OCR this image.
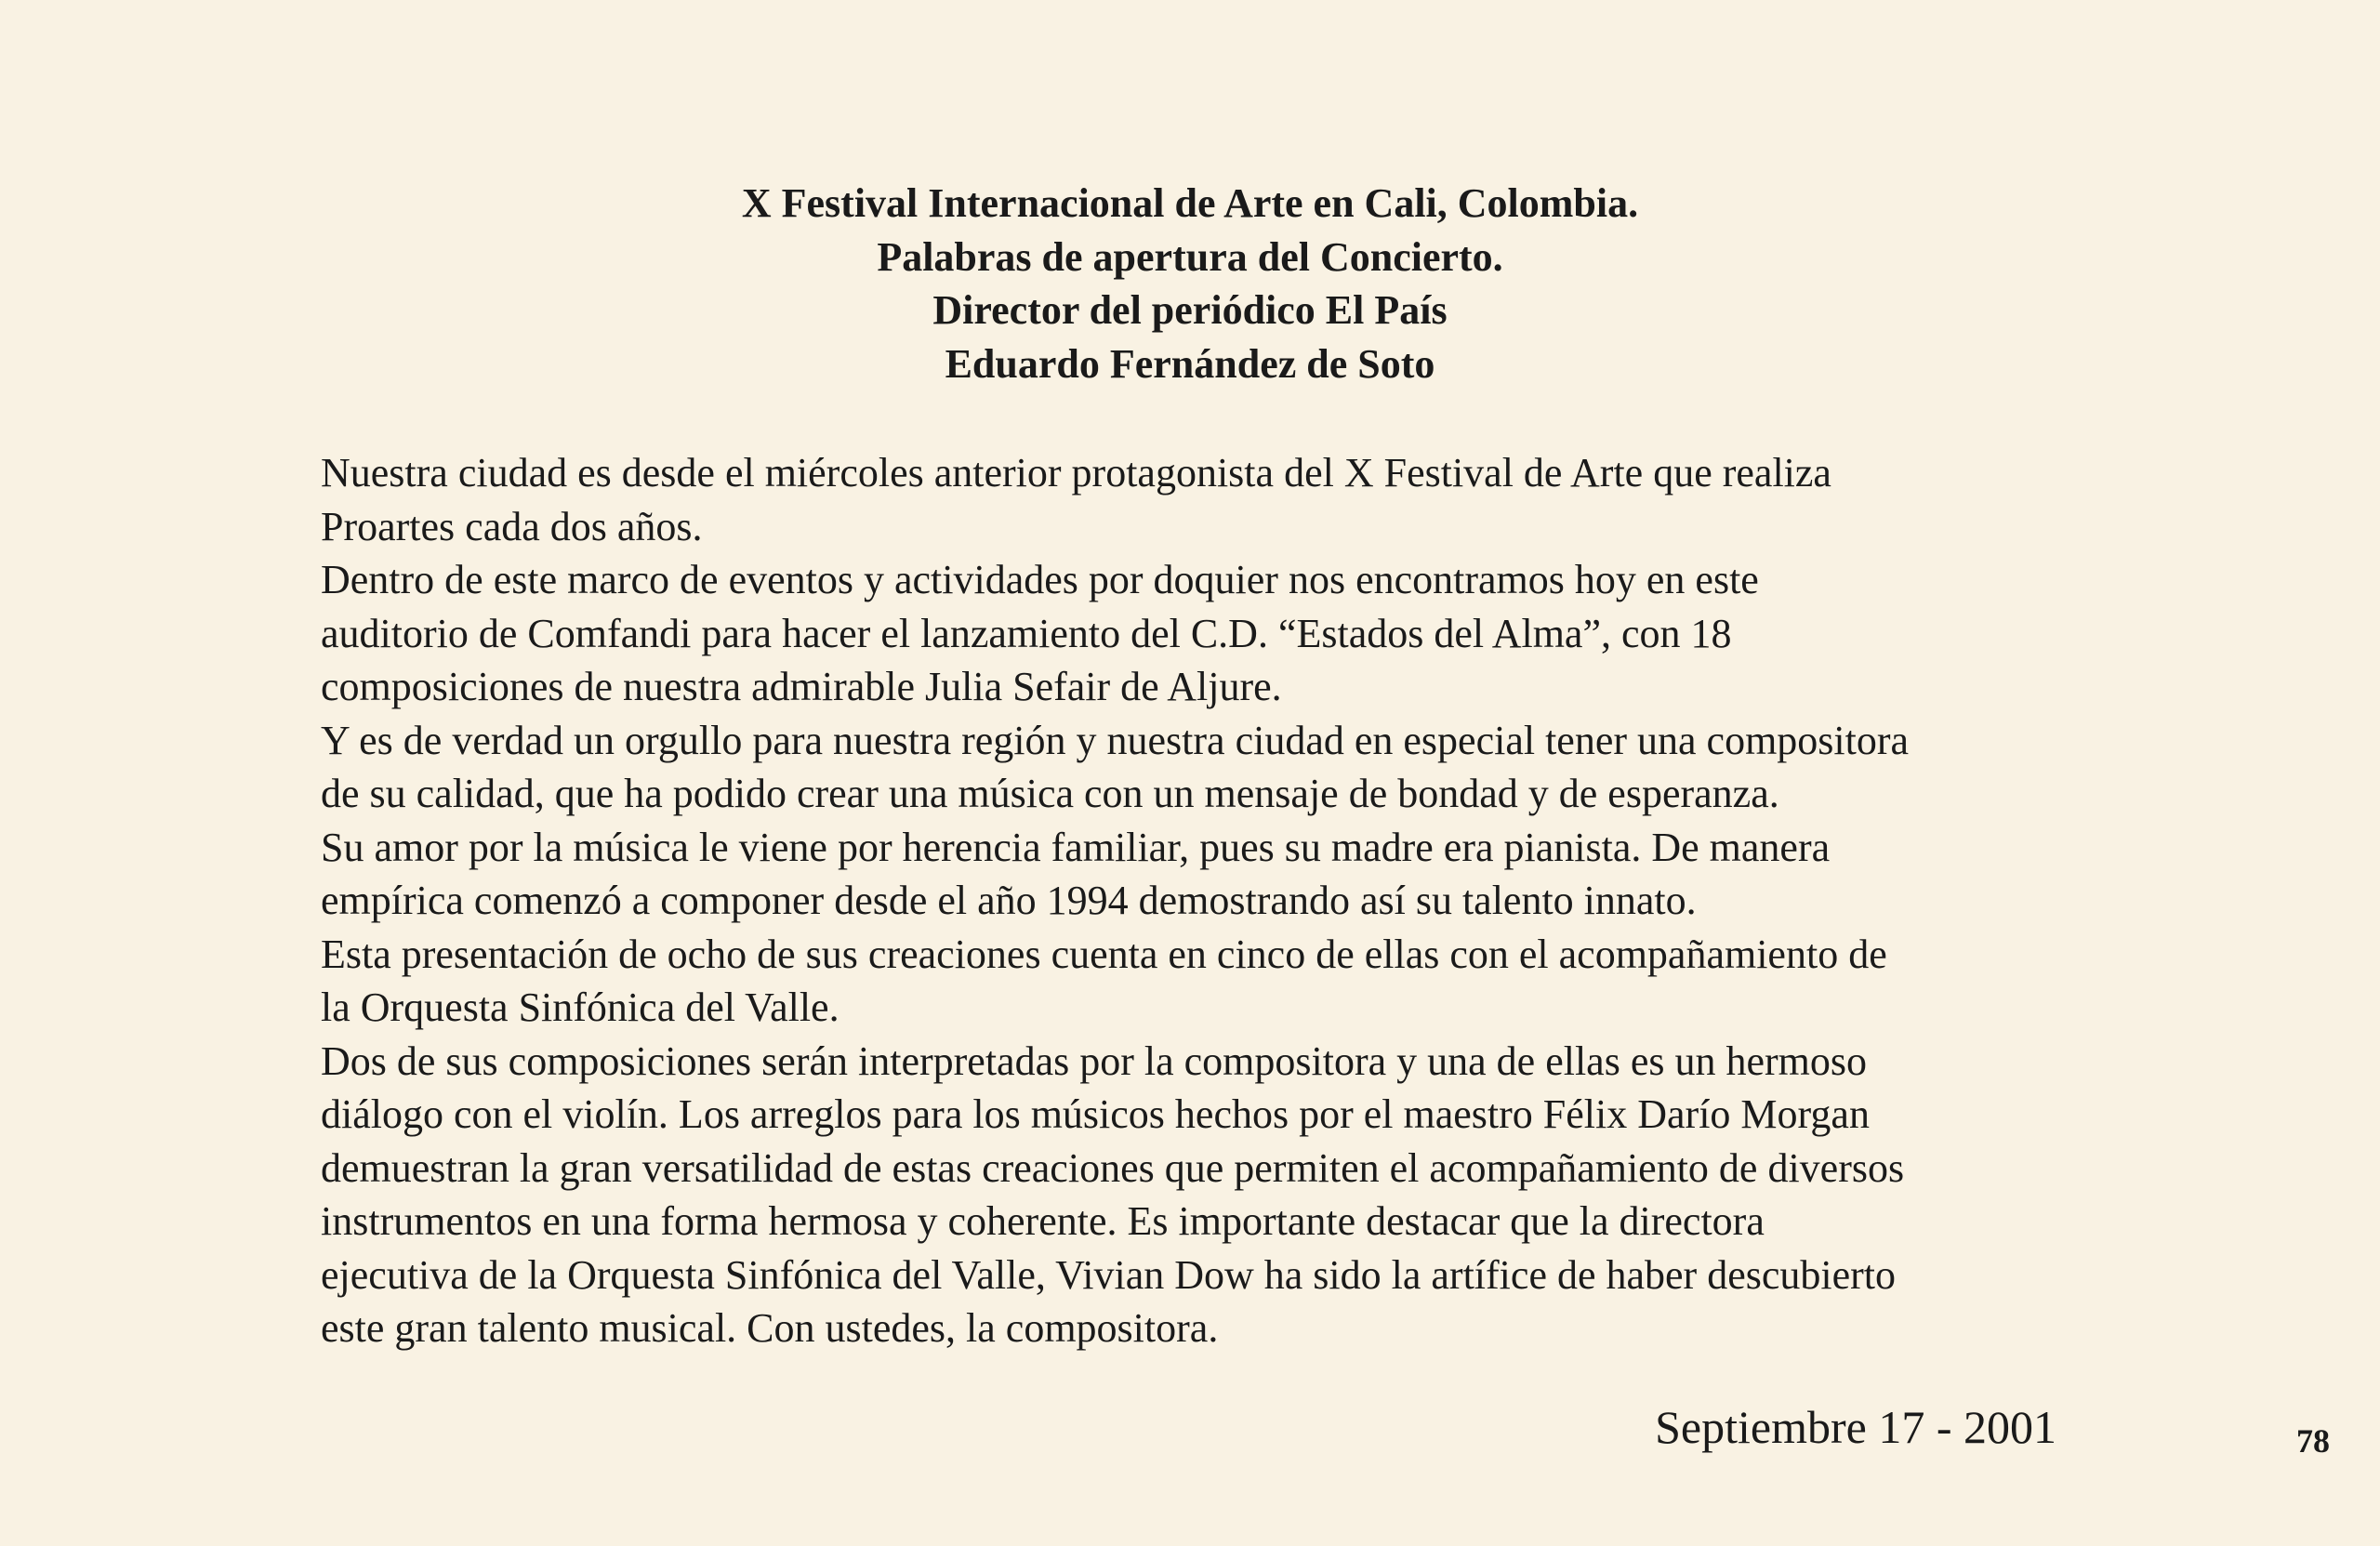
X Festival Internacional de Arte en Cali, Colombia.
Palabras de apertura del Concierto.
Director del periódico El País
Eduardo Fernández de Soto
Nuestra ciudad es desde el miércoles anterior protagonista del X Festival de Arte que realiza
Proartes cada dos años.
Dentro de este marco de eventos y actividades por doquier nos encontramos hoy en este
auditorio de Comfandi para hacer el lanzamiento del C.D. “Estados del Alma”, con 18
composiciones de nuestra admirable Julia Sefair de Aljure.
Y es de verdad un orgullo para nuestra región y nuestra ciudad en especial tener una compositora
de su calidad, que ha podido crear una música con un mensaje de bondad y de esperanza.
Su amor por la música le viene por herencia familiar, pues su madre era pianista. De manera
empírica comenzó a componer desde el año 1994 demostrando así su talento innato.
Esta presentación de ocho de sus creaciones cuenta en cinco de ellas con el acompañamiento de
la Orquesta Sinfónica del Valle.
Dos de sus composiciones serán interpretadas por la compositora y una de ellas es un hermoso
diálogo con el violín. Los arreglos para los músicos hechos por el maestro Félix Darío Morgan
demuestran la gran versatilidad de estas creaciones que permiten el acompañamiento de diversos
instrumentos en una forma hermosa y coherente. Es importante destacar que la directora
ejecutiva de la Orquesta Sinfónica del Valle, Vivian Dow ha sido la artífice de haber descubierto
este gran talento musical. Con ustedes, la compositora.
Septiembre 17 - 2001	78
